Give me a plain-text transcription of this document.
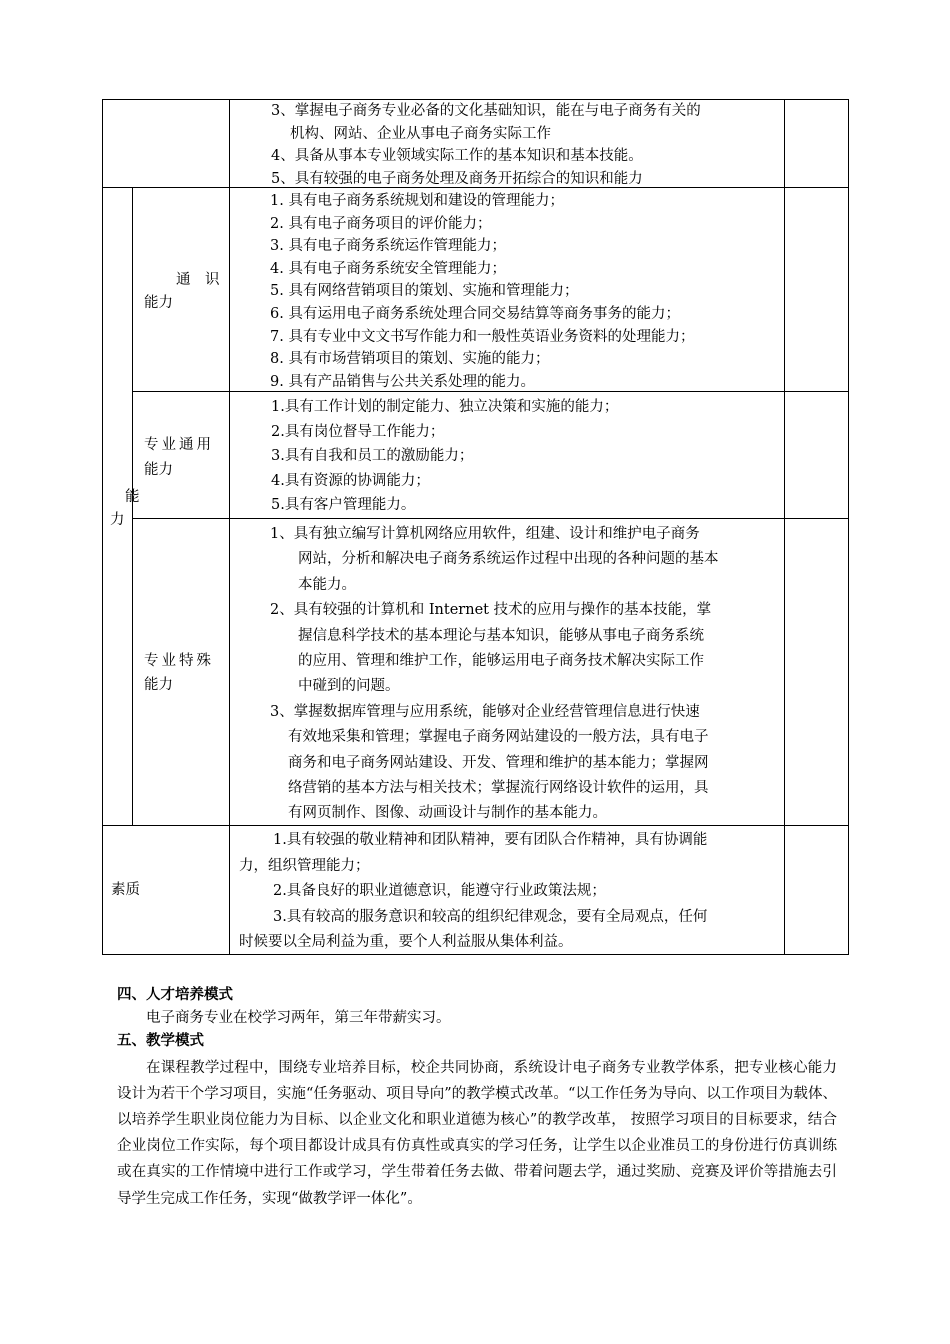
3、掌握电子商务专业必备的文化基础知识，能在与电子商务有关的

机构、网站、企业从事电子商务实际工作

4、具备从事本专业领域实际工作的基本知识和基本技能。

5、具有较强的电子商务处理及商务开拓综合的知识和能力

能
力
通　识
能力

1. 具有电子商务系统规划和建设的管理能力；

2. 具有电子商务项目的评价能力；

3. 具有电子商务系统运作管理能力；

4. 具有电子商务系统安全管理能力；

5. 具有网络营销项目的策划、实施和管理能力；

6. 具有运用电子商务系统处理合同交易结算等商务事务的能力；

7. 具有专业中文文书写作能力和一般性英语业务资料的处理能力；

8. 具有市场营销项目的策划、实施的能力；

9. 具有产品销售与公共关系处理的能力。

专业通用
能力

1.具有工作计划的制定能力、独立决策和实施的能力；

2.具有岗位督导工作能力；

3.具有自我和员工的激励能力；

4.具有资源的协调能力；

5.具有客户管理能力。

专业特殊
能力

1、具有独立编写计算机网络应用软件，组建、设计和维护电子商务

网站，分析和解决电子商务系统运作过程中出现的各种问题的基本

本能力。

2、具有较强的计算机和 Internet 技术的应用与操作的基本技能，掌

握信息科学技术的基本理论与基本知识，能够从事电子商务系统

的应用、管理和维护工作，能够运用电子商务技术解决实际工作

中碰到的问题。

3、掌握数据库管理与应用系统，能够对企业经营管理信息进行快速

有效地采集和管理；掌握电子商务网站建设的一般方法，具有电子

商务和电子商务网站建设、开发、管理和维护的基本能力；掌握网

络营销的基本方法与相关技术；掌握流行网络设计软件的运用，具

有网页制作、图像、动画设计与制作的基本能力。

素质

1.具有较强的敬业精神和团队精神，要有团队合作精神，具有协调能

力，组织管理能力；

2.具备良好的职业道德意识，能遵守行业政策法规；

3.具有较高的服务意识和较高的组织纪律观念，要有全局观点，任何

时候要以全局利益为重，要个人利益服从集体利益。

四、人才培养模式

电子商务专业在校学习两年，第三年带薪实习。

五、教学模式

在课程教学过程中，围绕专业培养目标，校企共同协商，系统设计电子商务专业教学体系，把专业核心能力设计为若干个学习项目，实施“任务驱动、项目导向”的教学模式改革。“以工作任务为导向、以工作项目为载体、以培养学生职业岗位能力为目标、以企业文化和职业道德为核心”的教学改革， 按照学习项目的目标要求，结合企业岗位工作实际，每个项目都设计成具有仿真性或真实的学习任务，让学生以企业准员工的身份进行仿真训练或在真实的工作情境中进行工作或学习，学生带着任务去做、带着问题去学，通过奖励、竞赛及评价等措施去引导学生完成工作任务，实现“做教学评一体化”。
